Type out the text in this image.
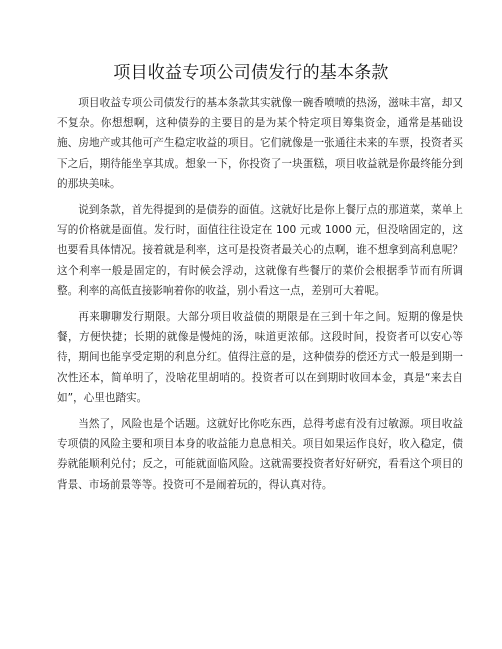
项目收益专项公司债发行的基本条款

项目收益专项公司债发行的基本条款其实就像一碗香喷喷的热汤，滋味丰富，却又不复杂。你想想啊，这种债券的主要目的是为某个特定项目筹集资金，通常是基础设施、房地产或其他可产生稳定收益的项目。它们就像是一张通往未来的车票，投资者买下之后，期待能坐享其成。想象一下，你投资了一块蛋糕，项目收益就是你最终能分到的那块美味。

说到条款，首先得提到的是债券的面值。这就好比是你上餐厅点的那道菜，菜单上写的价格就是面值。发行时，面值往往设定在 100 元或 1000 元，但没啥固定的，这也要看具体情况。接着就是利率，这可是投资者最关心的点啊，谁不想拿到高利息呢？这个利率一般是固定的，有时候会浮动，这就像有些餐厅的菜价会根据季节而有所调整。利率的高低直接影响着你的收益，别小看这一点，差别可大着呢。

再来聊聊发行期限。大部分项目收益债的期限是在三到十年之间。短期的像是快餐，方便快捷；长期的就像是慢炖的汤，味道更浓郁。这段时间，投资者可以安心等待，期间也能享受定期的利息分红。值得注意的是，这种债券的偿还方式一般是到期一次性还本，简单明了，没啥花里胡哨的。投资者可以在到期时收回本金，真是“来去自如”，心里也踏实。

当然了，风险也是个话题。这就好比你吃东西，总得考虑有没有过敏源。项目收益专项债的风险主要和项目本身的收益能力息息相关。项目如果运作良好，收入稳定，债券就能顺利兑付；反之，可能就面临风险。这就需要投资者好好研究，看看这个项目的背景、市场前景等等。投资可不是闹着玩的，得认真对待。
